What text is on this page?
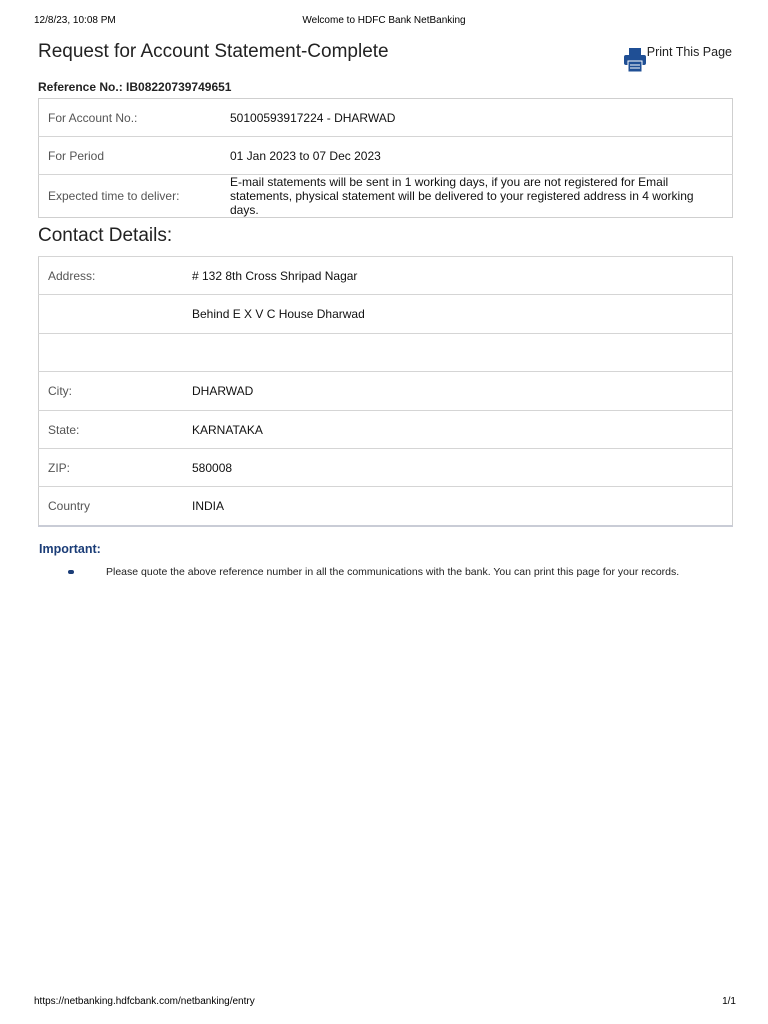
12/8/23, 10:08 PM	Welcome to HDFC Bank NetBanking
Request for Account Statement-Complete	Print This Page
Reference No.: IB08220739749651
For Account No.:	50100593917224 - DHARWAD
For Period	01 Jan 2023 to 07 Dec 2023
Expected time to deliver:	E-mail statements will be sent in 1 working days, if you are not registered for Email statements, physical statement will be delivered to your registered address in 4 working days.
Contact Details:
Address:	# 132 8th Cross Shripad Nagar
	Behind E X V C House Dharwad

City:	DHARWAD
State:	KARNATAKA
ZIP:	580008
Country	INDIA
Important:
Please quote the above reference number in all the communications with the bank. You can print this page for your records.
https://netbanking.hdfcbank.com/netbanking/entry	1/1
